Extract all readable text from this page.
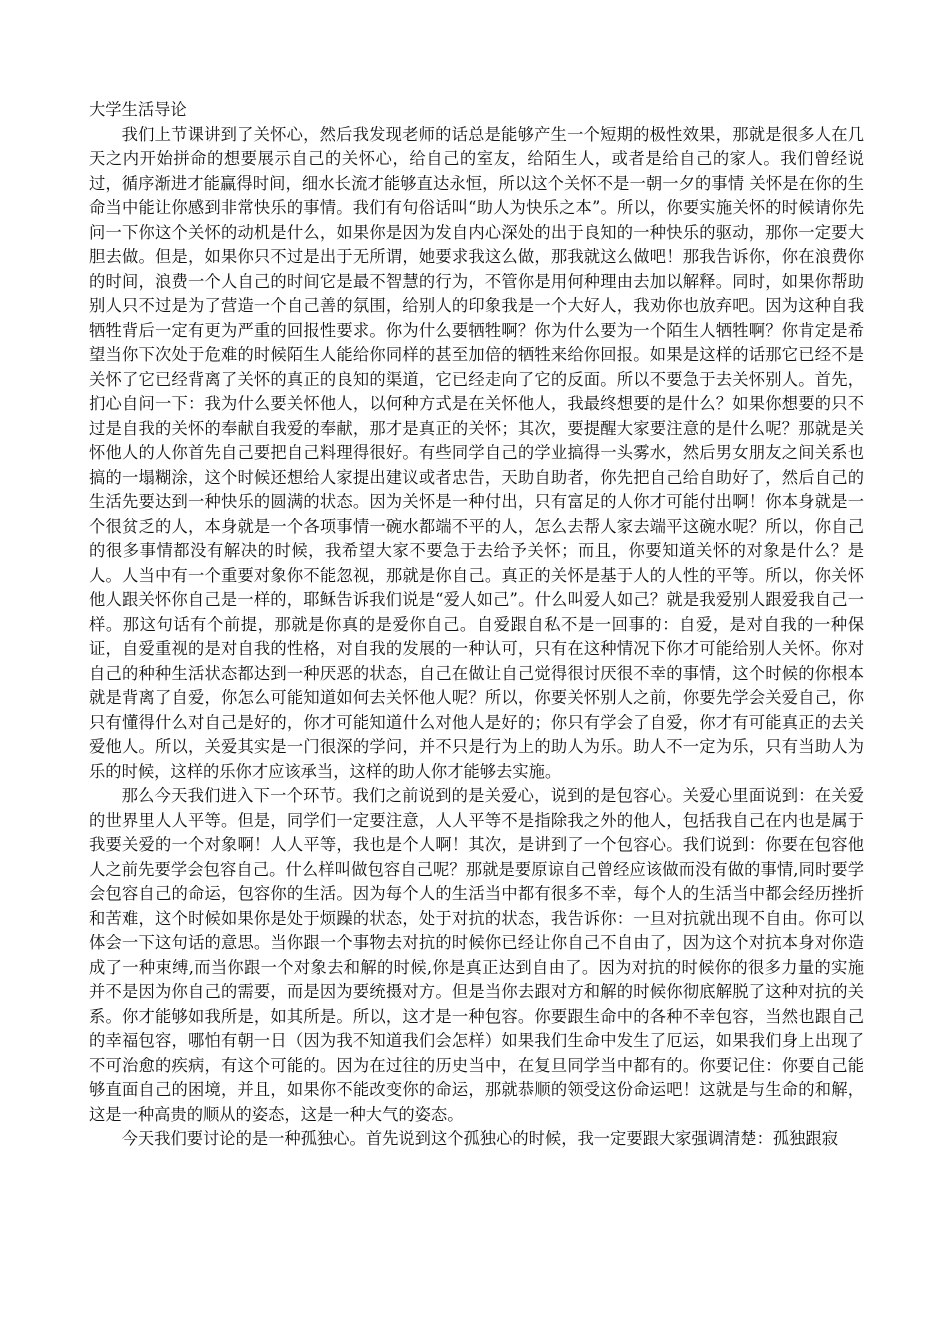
大学生活导论

我们上节课讲到了关怀心，然后我发现老师的话总是能够产生一个短期的极性效果，那就是很多人在几天之内开始拼命的想要展示自己的关怀心，给自己的室友，给陌生人，或者是给自己的家人。我们曾经说过，循序渐进才能赢得时间，细水长流才能够直达永恒，所以这个关怀不是一朝一夕的事情 关怀是在你的生命当中能让你感到非常快乐的事情。我们有句俗话叫“助人为快乐之本”。所以，你要实施关怀的时候请你先问一下你这个关怀的动机是什么，如果你是因为发自内心深处的出于良知的一种快乐的驱动，那你一定要大胆去做。但是，如果你只不过是出于无所谓，她要求我这么做，那我就这么做吧！那我告诉你，你在浪费你的时间，浪费一个人自己的时间它是最不智慧的行为，不管你是用何种理由去加以解释。同时，如果你帮助别人只不过是为了营造一个自己善的氛围，给别人的印象我是一个大好人，我劝你也放弃吧。因为这种自我牺牲背后一定有更为严重的回报性要求。你为什么要牺牲啊？你为什么要为一个陌生人牺牲啊？你肯定是希望当你下次处于危难的时候陌生人能给你同样的甚至加倍的牺牲来给你回报。如果是这样的话那它已经不是关怀了它已经背离了关怀的真正的良知的渠道，它已经走向了它的反面。所以不要急于去关怀别人。首先，扪心自问一下：我为什么要关怀他人，以何种方式是在关怀他人，我最终想要的是什么？如果你想要的只不过是自我的关怀的奉献自我爱的奉献，那才是真正的关怀；其次，要提醒大家要注意的是什么呢？那就是关怀他人的人你首先自己要把自己料理得很好。有些同学自己的学业搞得一头雾水，然后男女朋友之间关系也搞的一塌糊涂，这个时候还想给人家提出建议或者忠告，天助自助者，你先把自己给自助好了，然后自己的生活先要达到一种快乐的圆满的状态。因为关怀是一种付出，只有富足的人你才可能付出啊！你本身就是一个很贫乏的人，本身就是一个各项事情一碗水都端不平的人，怎么去帮人家去端平这碗水呢？所以，你自己的很多事情都没有解决的时候，我希望大家不要急于去给予关怀；而且，你要知道关怀的对象是什么？是人。人当中有一个重要对象你不能忽视，那就是你自己。真正的关怀是基于人的人性的平等。所以，你关怀他人跟关怀你自己是一样的，耶稣告诉我们说是“爱人如己”。什么叫爱人如己？就是我爱别人跟爱我自己一样。那这句话有个前提，那就是你真的是爱你自己。自爱跟自私不是一回事的：自爱，是对自我的一种保证，自爱重视的是对自我的性格，对自我的发展的一种认可，只有在这种情况下你才可能给别人关怀。你对自己的种种生活状态都达到一种厌恶的状态，自己在做让自己觉得很讨厌很不幸的事情，这个时候的你根本就是背离了自爱，你怎么可能知道如何去关怀他人呢？所以，你要关怀别人之前，你要先学会关爱自己，你只有懂得什么对自己是好的，你才可能知道什么对他人是好的；你只有学会了自爱，你才有可能真正的去关爱他人。所以，关爱其实是一门很深的学问，并不只是行为上的助人为乐。助人不一定为乐，只有当助人为乐的时候，这样的乐你才应该承当，这样的助人你才能够去实施。

那么今天我们进入下一个环节。我们之前说到的是关爱心，说到的是包容心。关爱心里面说到：在关爱的世界里人人平等。但是，同学们一定要注意，人人平等不是指除我之外的他人，包括我自己在内也是属于我要关爱的一个对象啊！人人平等，我也是个人啊！其次，是讲到了一个包容心。我们说到：你要在包容他人之前先要学会包容自己。什么样叫做包容自己呢？那就是要原谅自己曾经应该做而没有做的事情,同时要学会包容自己的命运，包容你的生活。因为每个人的生活当中都有很多不幸，每个人的生活当中都会经历挫折和苦难，这个时候如果你是处于烦躁的状态，处于对抗的状态，我告诉你：一旦对抗就出现不自由。你可以体会一下这句话的意思。当你跟一个事物去对抗的时候你已经让你自己不自由了，因为这个对抗本身对你造成了一种束缚,而当你跟一个对象去和解的时候,你是真正达到自由了。因为对抗的时候你的很多力量的实施并不是因为你自己的需要，而是因为要统摄对方。但是当你去跟对方和解的时候你彻底解脱了这种对抗的关系。你才能够如我所是，如其所是。所以，这才是一种包容。你要跟生命中的各种不幸包容，当然也跟自己的幸福包容，哪怕有朝一日（因为我不知道我们会怎样）如果我们生命中发生了厄运，如果我们身上出现了不可治愈的疾病，有这个可能的。因为在过往的历史当中，在复旦同学当中都有的。你要记住：你要自己能够直面自己的困境，并且，如果你不能改变你的命运，那就恭顺的领受这份命运吧！这就是与生命的和解，这是一种高贵的顺从的姿态，这是一种大气的姿态。

今天我们要讨论的是一种孤独心。首先说到这个孤独心的时候，我一定要跟大家强调清楚：孤独跟寂
